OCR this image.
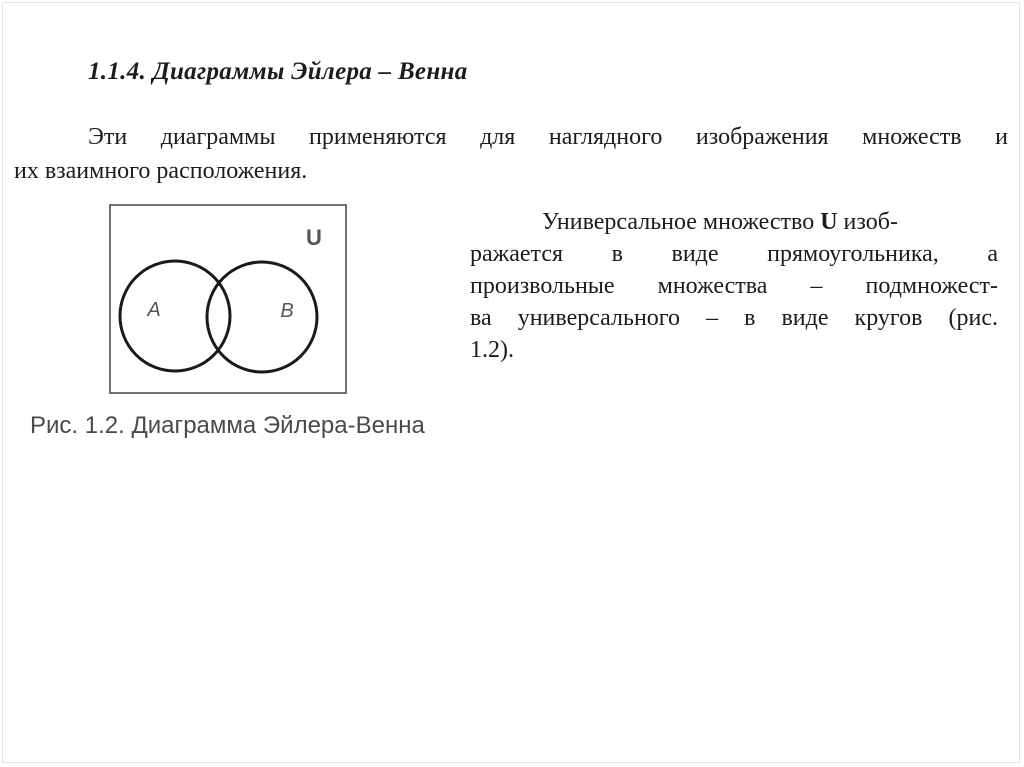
1.1.4. Диаграммы Эйлера – Венна
Эти диаграммы применяются для наглядного изображения множеств и
их взаимного расположения.
U
A	B
Рис. 1.2. Диаграмма Эйлера-Венна
Универсальное множество U изоб-
ражается в виде прямоугольника, а
произвольные множества – подмножест-
ва универсального – в виде кругов (рис.
1.2).
